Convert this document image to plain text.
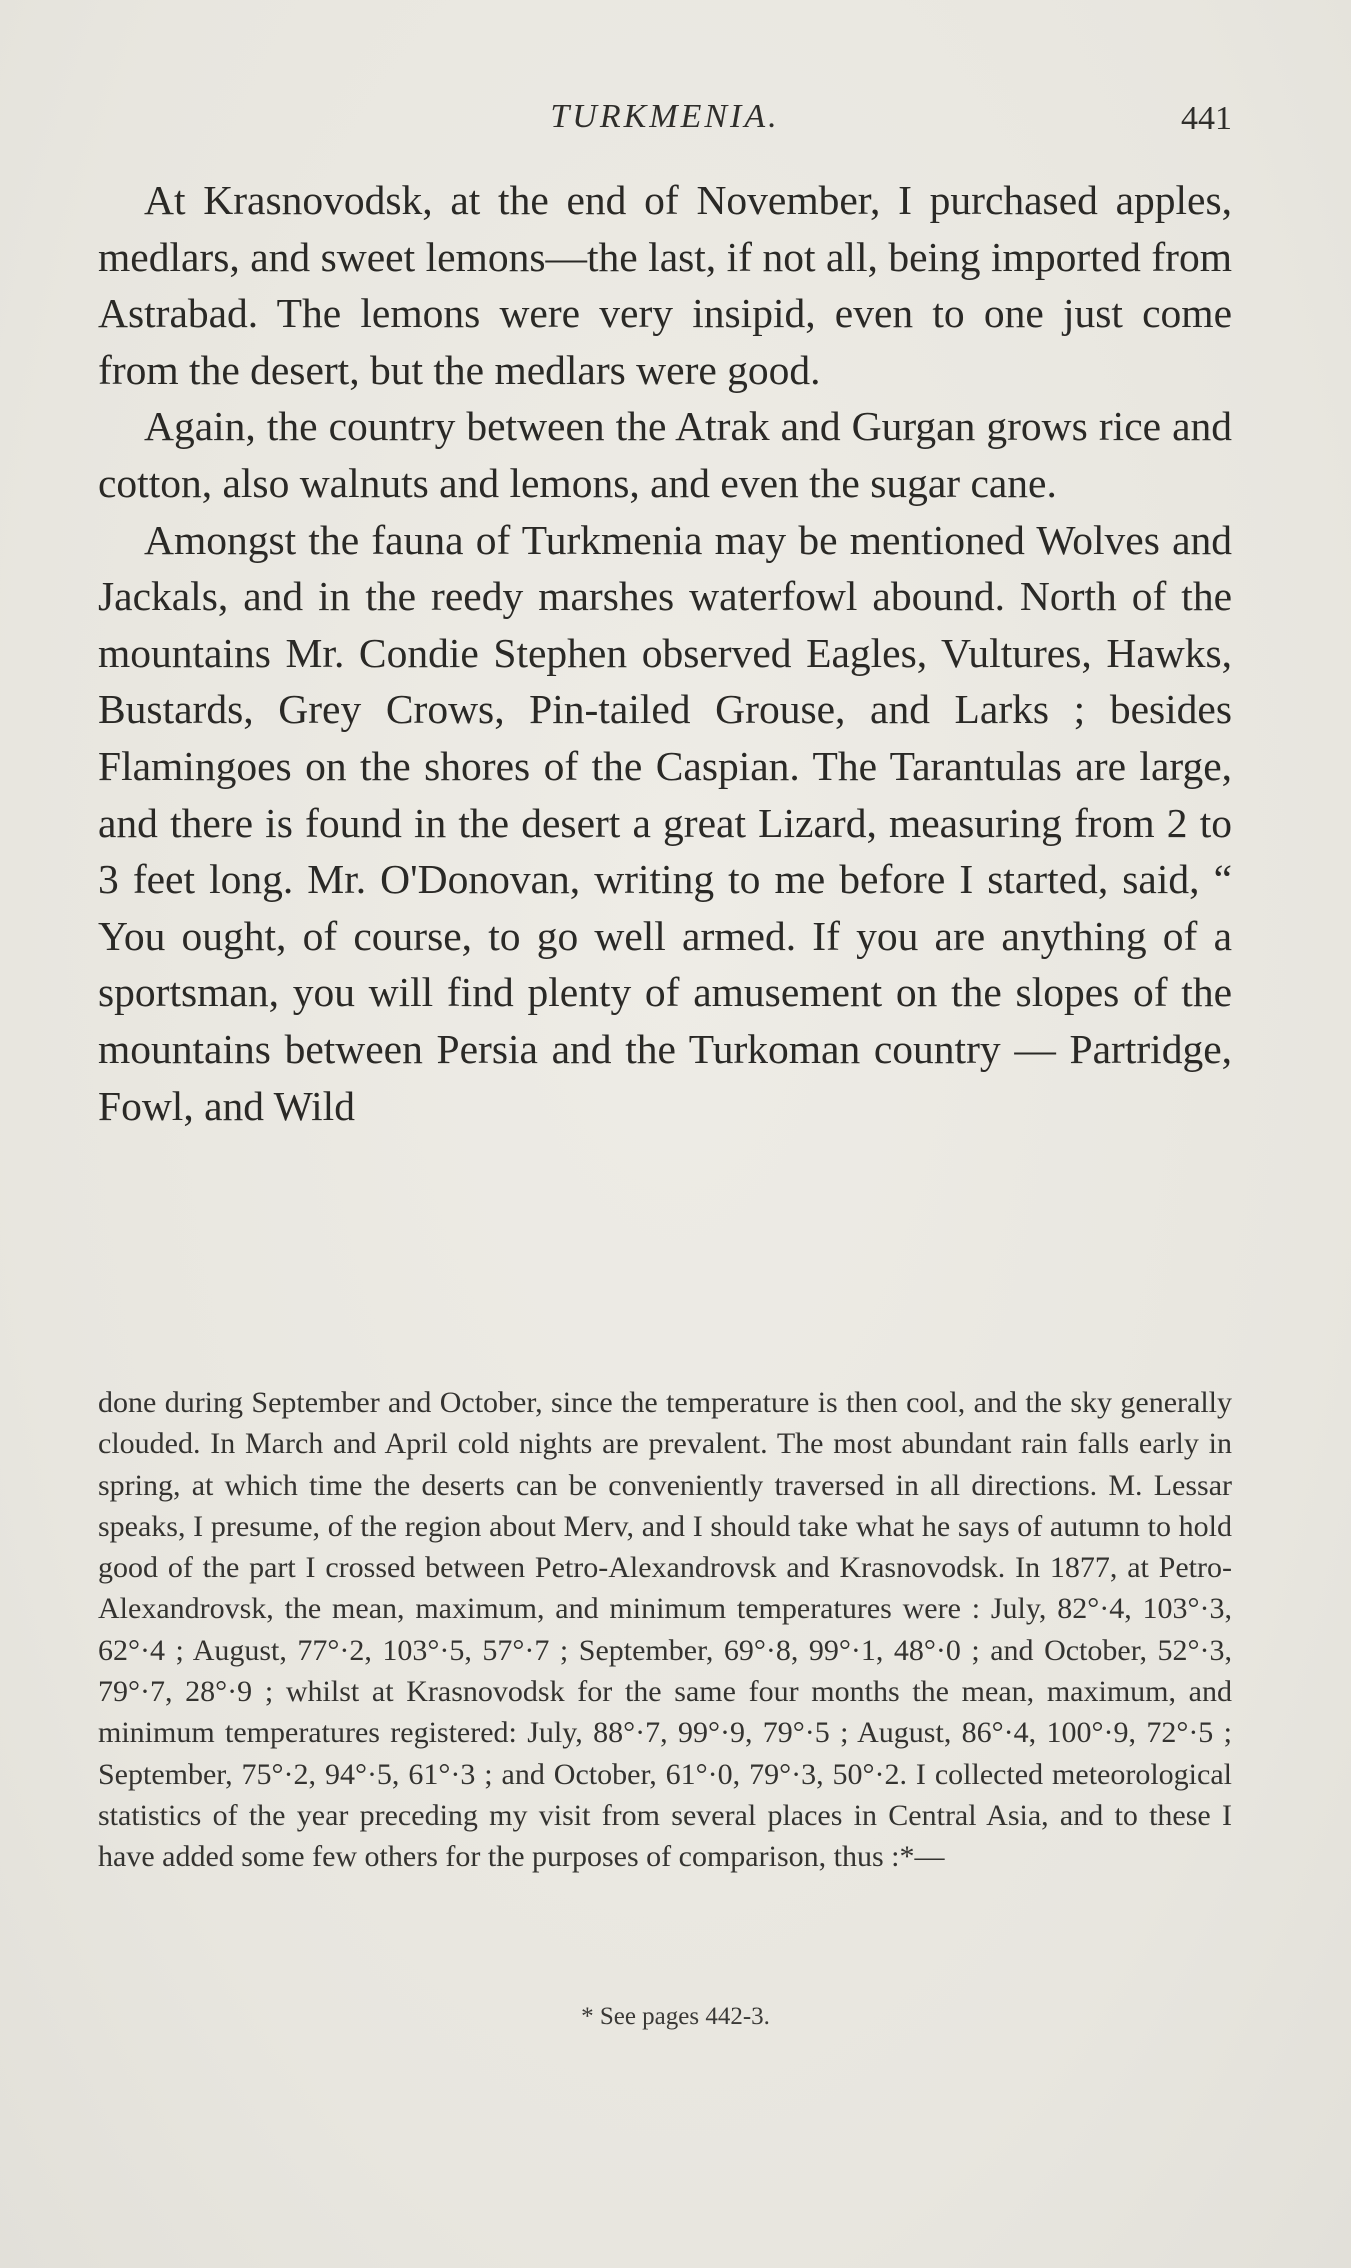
TURKMENIA.	441

At Krasnovodsk, at the end of November, I purchased apples, medlars, and sweet lemons—the last, if not all, being imported from Astrabad. The lemons were very insipid, even to one just come from the desert, but the medlars were good.

Again, the country between the Atrak and Gurgan grows rice and cotton, also walnuts and lemons, and even the sugar cane.

Amongst the fauna of Turkmenia may be mentioned Wolves and Jackals, and in the reedy marshes waterfowl abound. North of the mountains Mr. Condie Stephen observed Eagles, Vultures, Hawks, Bustards, Grey Crows, Pin-tailed Grouse, and Larks ; besides Flamingoes on the shores of the Caspian. The Tarantulas are large, and there is found in the desert a great Lizard, measuring from 2 to 3 feet long. Mr. O'Donovan, writing to me before I started, said, “ You ought, of course, to go well armed. If you are anything of a sportsman, you will find plenty of amusement on the slopes of the mountains between Persia and the Turkoman country — Partridge, Fowl, and Wild

done during September and October, since the temperature is then cool, and the sky generally clouded. In March and April cold nights are prevalent. The most abundant rain falls early in spring, at which time the deserts can be conveniently traversed in all directions. M. Lessar speaks, I presume, of the region about Merv, and I should take what he says of autumn to hold good of the part I crossed between Petro-Alexandrovsk and Krasnovodsk. In 1877, at Petro-Alexandrovsk, the mean, maximum, and minimum temperatures were : July, 82°·4, 103°·3, 62°·4 ; August, 77°·2, 103°·5, 57°·7 ; September, 69°·8, 99°·1, 48°·0 ; and October, 52°·3, 79°·7, 28°·9 ; whilst at Krasnovodsk for the same four months the mean, maximum, and minimum temperatures registered: July, 88°·7, 99°·9, 79°·5 ; August, 86°·4, 100°·9, 72°·5 ; September, 75°·2, 94°·5, 61°·3 ; and October, 61°·0, 79°·3, 50°·2. I collected meteorological statistics of the year preceding my visit from several places in Central Asia, and to these I have added some few others for the purposes of comparison, thus :*—

* See pages 442-3.
